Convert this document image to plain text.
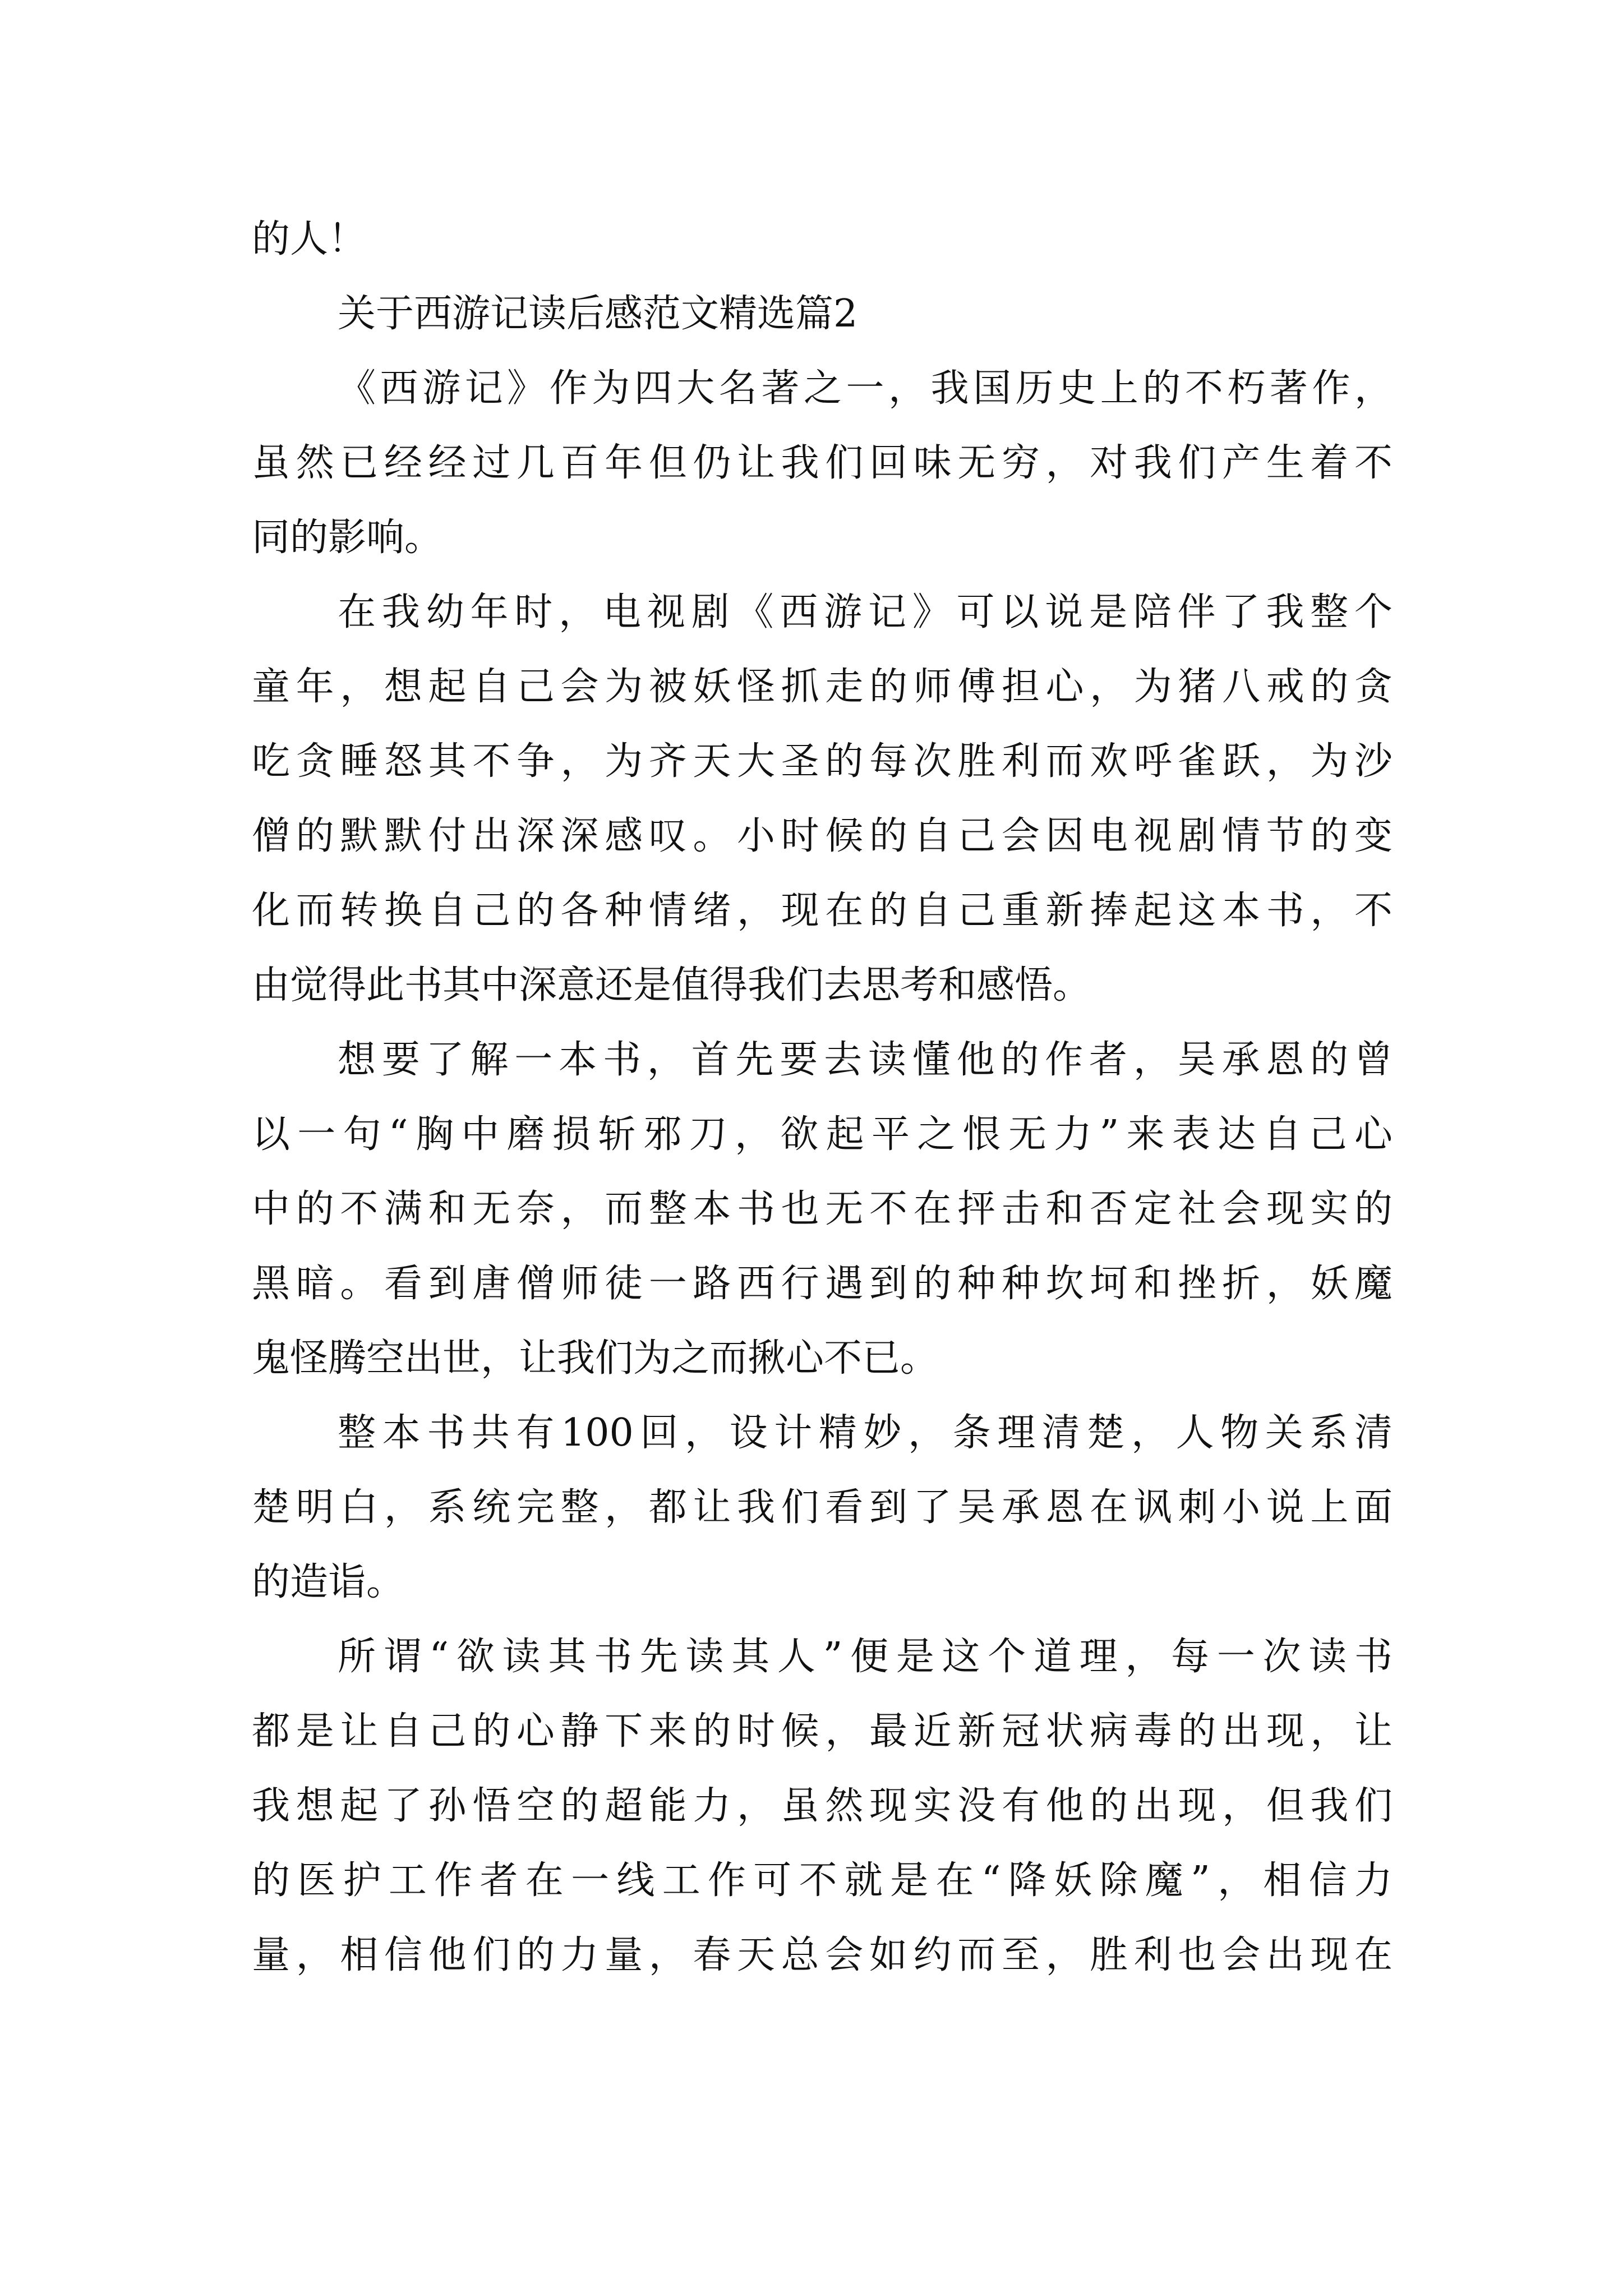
的人！
关于西游记读后感范文精选篇2
《西游记》作为四大名著之一，我国历史上的不朽著作，
虽然已经经过几百年但仍让我们回味无穷，对我们产生着不
同的影响。
在我幼年时，电视剧《西游记》可以说是陪伴了我整个
童年，想起自己会为被妖怪抓走的师傅担心，为猪八戒的贪
吃贪睡怒其不争，为齐天大圣的每次胜利而欢呼雀跃，为沙
僧的默默付出深深感叹。小时候的自己会因电视剧情节的变
化而转换自己的各种情绪，现在的自己重新捧起这本书，不
由觉得此书其中深意还是值得我们去思考和感悟。
想要了解一本书，首先要去读懂他的作者，吴承恩的曾
以一句“胸中磨损斩邪刀，欲起平之恨无力”来表达自己心
中的不满和无奈，而整本书也无不在抨击和否定社会现实的
黑暗。看到唐僧师徒一路西行遇到的种种坎坷和挫折，妖魔
鬼怪腾空出世，让我们为之而揪心不已。
整本书共有100回，设计精妙，条理清楚，人物关系清
楚明白，系统完整，都让我们看到了吴承恩在讽刺小说上面
的造诣。
所谓“欲读其书先读其人”便是这个道理，每一次读书
都是让自己的心静下来的时候，最近新冠状病毒的出现，让
我想起了孙悟空的超能力，虽然现实没有他的出现，但我们
的医护工作者在一线工作可不就是在“降妖除魔”，相信力
量，相信他们的力量，春天总会如约而至，胜利也会出现在
